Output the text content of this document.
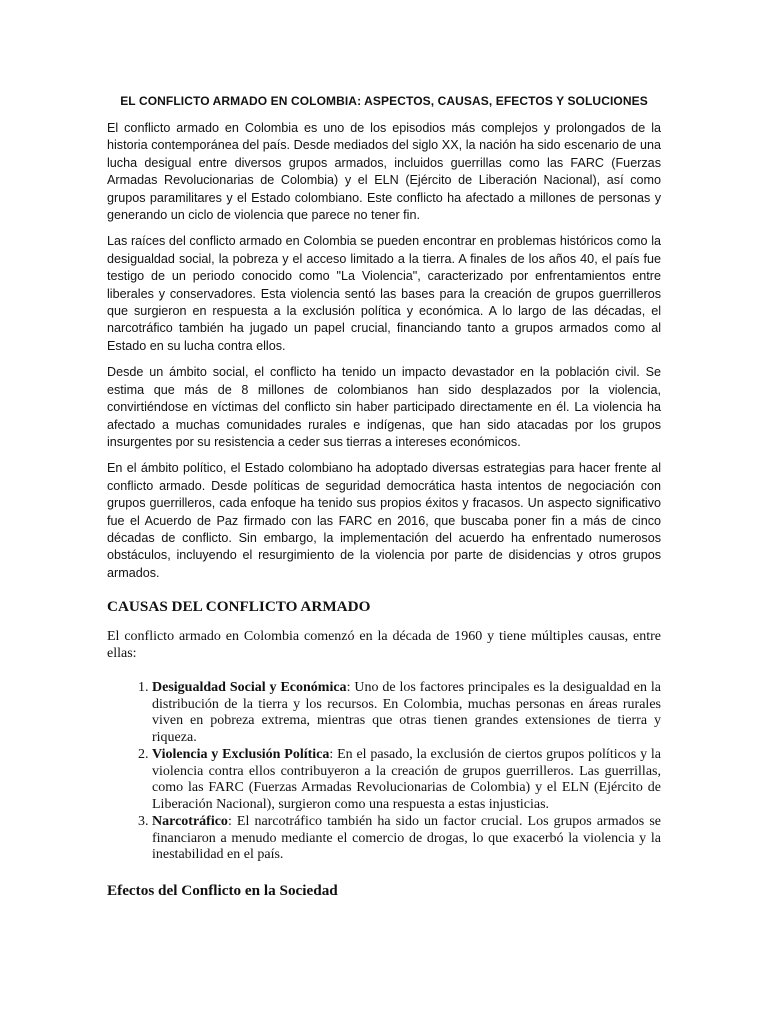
EL CONFLICTO ARMADO EN COLOMBIA: ASPECTOS, CAUSAS, EFECTOS Y SOLUCIONES

El conflicto armado en Colombia es uno de los episodios más complejos y prolongados de la historia contemporánea del país. Desde mediados del siglo XX, la nación ha sido escenario de una lucha desigual entre diversos grupos armados, incluidos guerrillas como las FARC (Fuerzas Armadas Revolucionarias de Colombia) y el ELN (Ejército de Liberación Nacional), así como grupos paramilitares y el Estado colombiano. Este conflicto ha afectado a millones de personas y generando un ciclo de violencia que parece no tener fin.

Las raíces del conflicto armado en Colombia se pueden encontrar en problemas históricos como la desigualdad social, la pobreza y el acceso limitado a la tierra. A finales de los años 40, el país fue testigo de un periodo conocido como "La Violencia", caracterizado por enfrentamientos entre liberales y conservadores. Esta violencia sentó las bases para la creación de grupos guerrilleros que surgieron en respuesta a la exclusión política y económica. A lo largo de las décadas, el narcotráfico también ha jugado un papel crucial, financiando tanto a grupos armados como al Estado en su lucha contra ellos.

Desde un ámbito social, el conflicto ha tenido un impacto devastador en la población civil. Se estima que más de 8 millones de colombianos han sido desplazados por la violencia, convirtiéndose en víctimas del conflicto sin haber participado directamente en él. La violencia ha afectado a muchas comunidades rurales e indígenas, que han sido atacadas por los grupos insurgentes por su resistencia a ceder sus tierras a intereses económicos.

En el ámbito político, el Estado colombiano ha adoptado diversas estrategias para hacer frente al conflicto armado. Desde políticas de seguridad democrática hasta intentos de negociación con grupos guerrilleros, cada enfoque ha tenido sus propios éxitos y fracasos. Un aspecto significativo fue el Acuerdo de Paz firmado con las FARC en 2016, que buscaba poner fin a más de cinco décadas de conflicto. Sin embargo, la implementación del acuerdo ha enfrentado numerosos obstáculos, incluyendo el resurgimiento de la violencia por parte de disidencias y otros grupos armados.

CAUSAS DEL CONFLICTO ARMADO

El conflicto armado en Colombia comenzó en la década de 1960 y tiene múltiples causas, entre ellas:

1. Desigualdad Social y Económica: Uno de los factores principales es la desigualdad en la distribución de la tierra y los recursos. En Colombia, muchas personas en áreas rurales viven en pobreza extrema, mientras que otras tienen grandes extensiones de tierra y riqueza.
2. Violencia y Exclusión Política: En el pasado, la exclusión de ciertos grupos políticos y la violencia contra ellos contribuyeron a la creación de grupos guerrilleros. Las guerrillas, como las FARC (Fuerzas Armadas Revolucionarias de Colombia) y el ELN (Ejército de Liberación Nacional), surgieron como una respuesta a estas injusticias.
3. Narcotráfico: El narcotráfico también ha sido un factor crucial. Los grupos armados se financiaron a menudo mediante el comercio de drogas, lo que exacerbó la violencia y la inestabilidad en el país.
Efectos del Conflicto en la Sociedad
